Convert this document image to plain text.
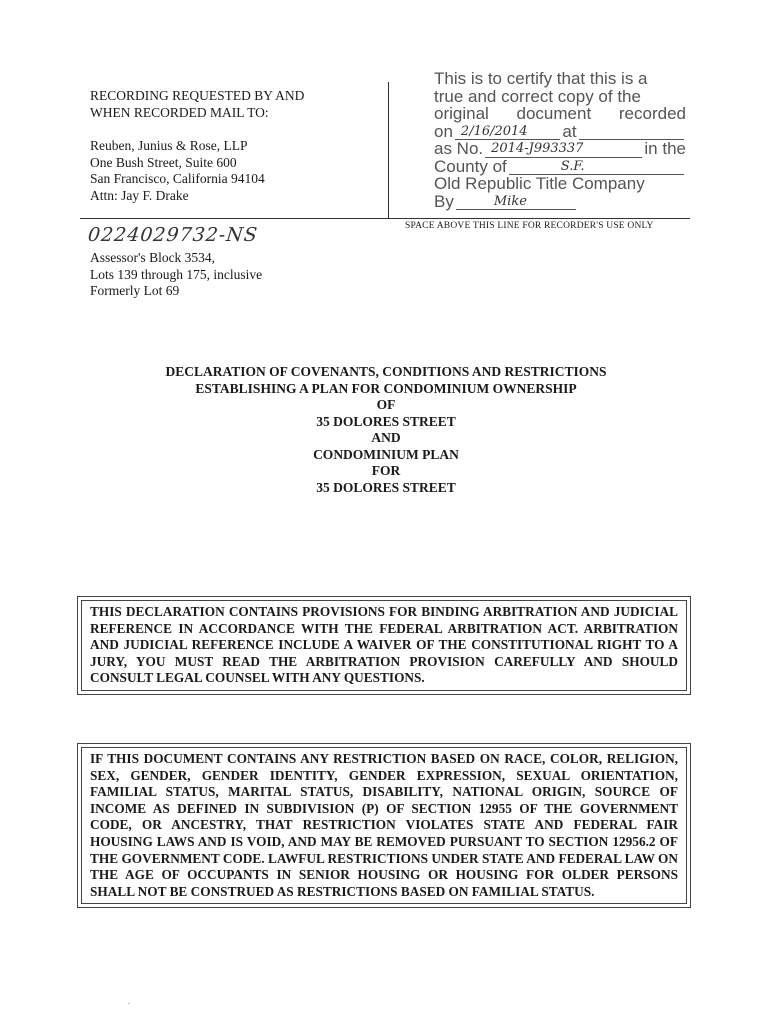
RECORDING REQUESTED BY AND
WHEN RECORDED MAIL TO:
Reuben, Junius & Rose, LLP
One Bush Street, Suite 600
San Francisco, California 94104
Attn: Jay F. Drake
This is to certify that this is a
true and correct copy of the
original document recorded
on 2/16/2014 at
as No. 2014-J993337	in the
County of	S.F.
Old Republic Title Company
By	Mike
SPACE ABOVE THIS LINE FOR RECORDER'S USE ONLY
0224029732-NS
Assessor's Block 3534,
Lots 139 through 175, inclusive
Formerly Lot 69
DECLARATION OF COVENANTS, CONDITIONS AND RESTRICTIONS
ESTABLISHING A PLAN FOR CONDOMINIUM OWNERSHIP
OF
35 DOLORES STREET
AND
CONDOMINIUM PLAN
FOR
35 DOLORES STREET
THIS DECLARATION CONTAINS PROVISIONS FOR BINDING ARBITRATION AND JUDICIAL REFERENCE IN ACCORDANCE WITH THE FEDERAL ARBITRATION ACT. ARBITRATION AND JUDICIAL REFERENCE INCLUDE A WAIVER OF THE CONSTITUTIONAL RIGHT TO A JURY, YOU MUST READ THE ARBITRATION PROVISION CAREFULLY AND SHOULD CONSULT LEGAL COUNSEL WITH ANY QUESTIONS.
IF THIS DOCUMENT CONTAINS ANY RESTRICTION BASED ON RACE, COLOR, RELIGION, SEX, GENDER, GENDER IDENTITY, GENDER EXPRESSION, SEXUAL ORIENTATION, FAMILIAL STATUS, MARITAL STATUS, DISABILITY, NATIONAL ORIGIN, SOURCE OF INCOME AS DEFINED IN SUBDIVISION (P) OF SECTION 12955 OF THE GOVERNMENT CODE, OR ANCESTRY, THAT RESTRICTION VIOLATES STATE AND FEDERAL FAIR HOUSING LAWS AND IS VOID, AND MAY BE REMOVED PURSUANT TO SECTION 12956.2 OF THE GOVERNMENT CODE. LAWFUL RESTRICTIONS UNDER STATE AND FEDERAL LAW ON THE AGE OF OCCUPANTS IN SENIOR HOUSING OR HOUSING FOR OLDER PERSONS SHALL NOT BE CONSTRUED AS RESTRICTIONS BASED ON FAMILIAL STATUS.
